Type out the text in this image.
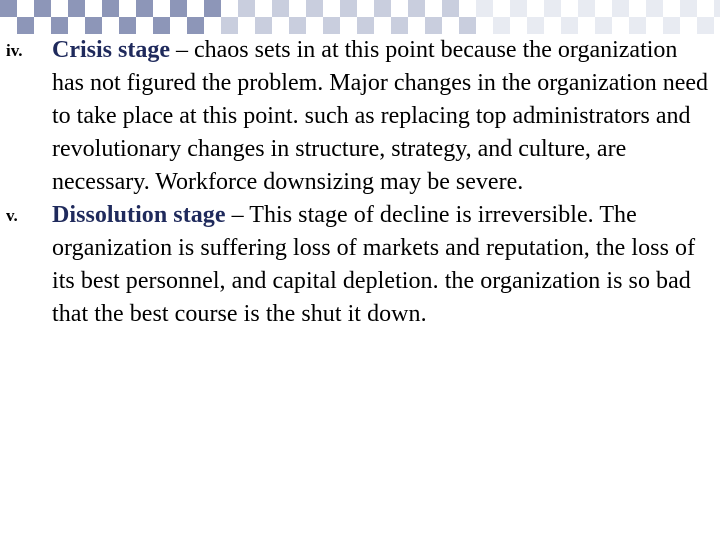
iv.	Crisis stage – chaos sets in at this point because the organization has not figured the problem. Major changes in the organization need to take place at this point. such as replacing top administrators and revolutionary changes in structure, strategy, and culture, are necessary. Workforce downsizing may be severe.
v.	Dissolution stage – This stage of decline is irreversible. The organization is suffering loss of markets and reputation, the loss of its best personnel, and capital depletion. the organization is so bad that the best course is the shut it down.
